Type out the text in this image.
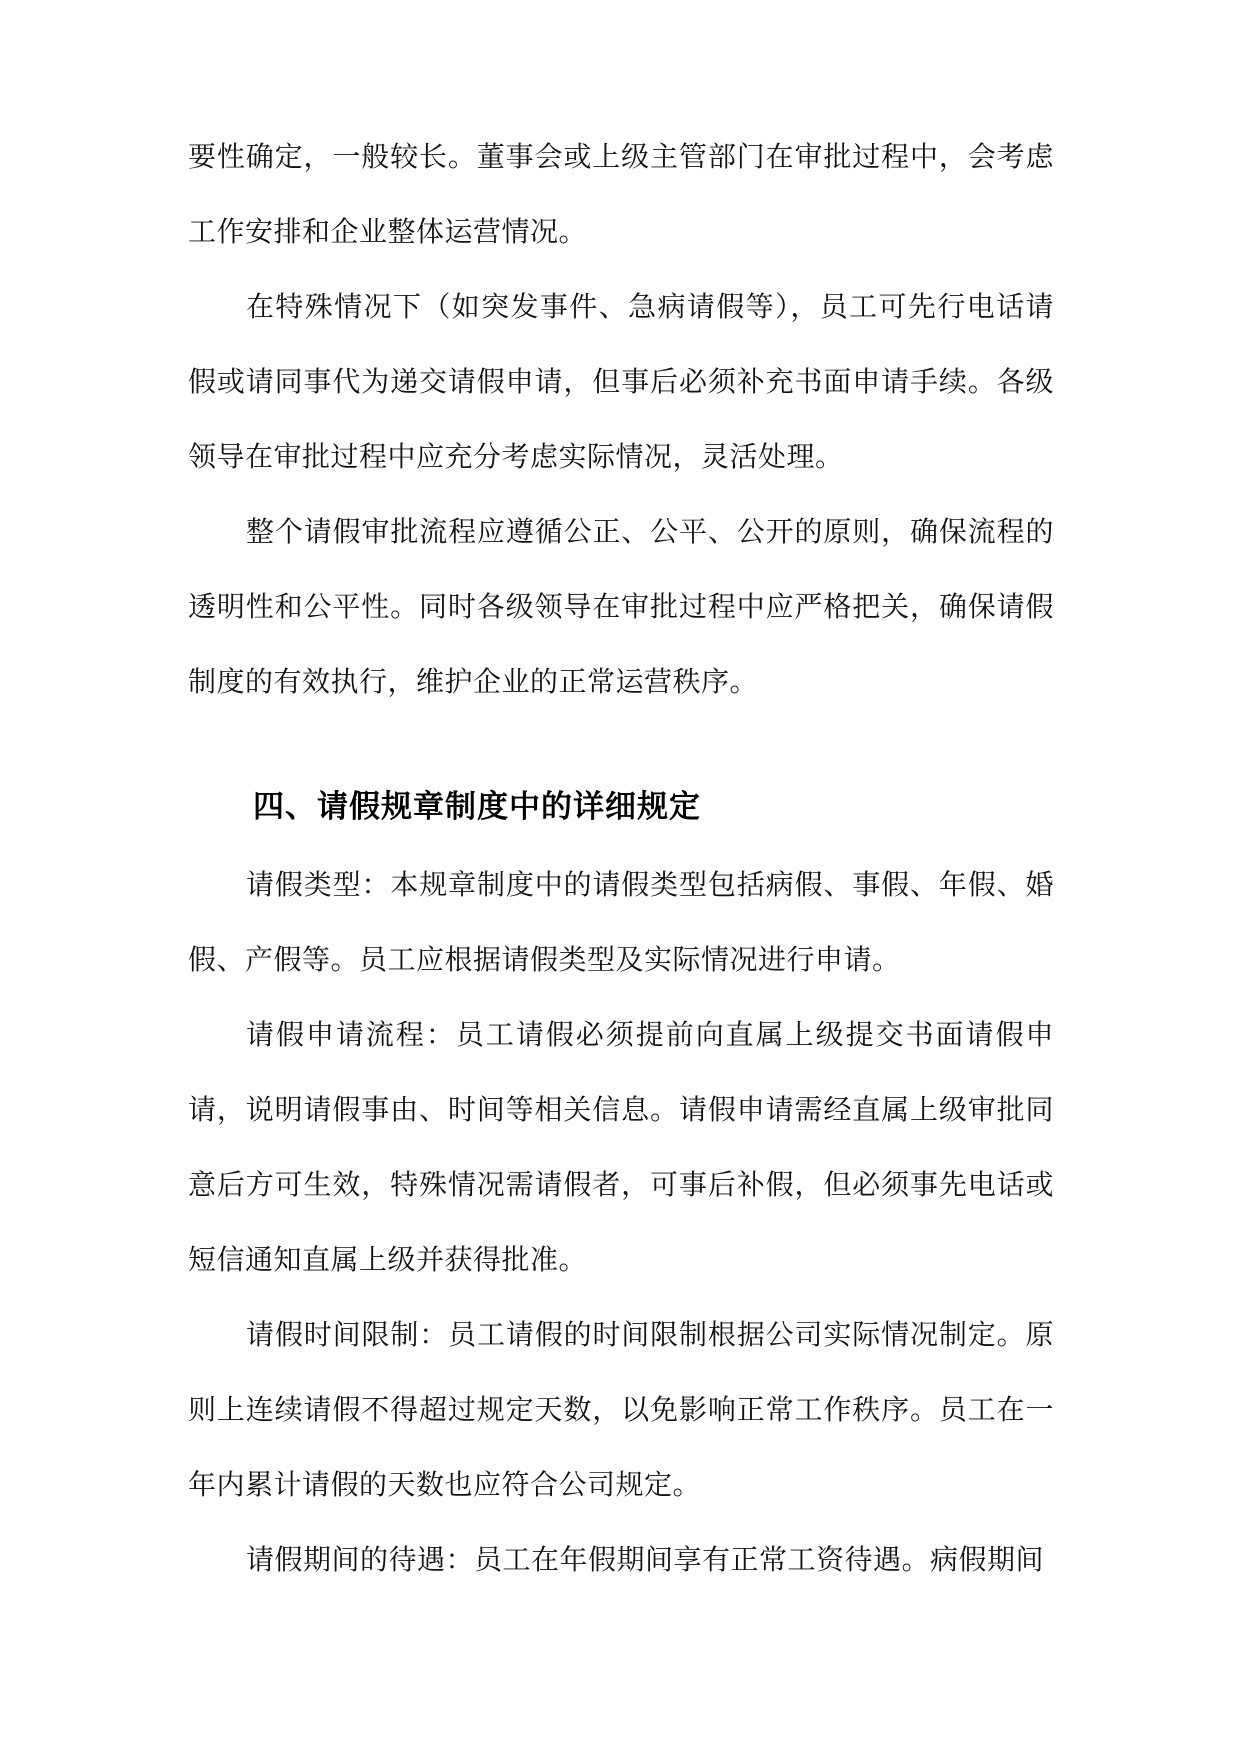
要性确定，一般较长。董事会或上级主管部门在审批过程中，会考虑工作安排和企业整体运营情况。

在特殊情况下（如突发事件、急病请假等），员工可先行电话请假或请同事代为递交请假申请，但事后必须补充书面申请手续。各级领导在审批过程中应充分考虑实际情况，灵活处理。

整个请假审批流程应遵循公正、公平、公开的原则，确保流程的透明性和公平性。同时各级领导在审批过程中应严格把关，确保请假制度的有效执行，维护企业的正常运营秩序。

四、请假规章制度中的详细规定

请假类型：本规章制度中的请假类型包括病假、事假、年假、婚假、产假等。员工应根据请假类型及实际情况进行申请。

请假申请流程：员工请假必须提前向直属上级提交书面请假申请，说明请假事由、时间等相关信息。请假申请需经直属上级审批同意后方可生效，特殊情况需请假者，可事后补假，但必须事先电话或短信通知直属上级并获得批准。

请假时间限制：员工请假的时间限制根据公司实际情况制定。原则上连续请假不得超过规定天数，以免影响正常工作秩序。员工在一年内累计请假的天数也应符合公司规定。

请假期间的待遇：员工在年假期间享有正常工资待遇。病假期间
